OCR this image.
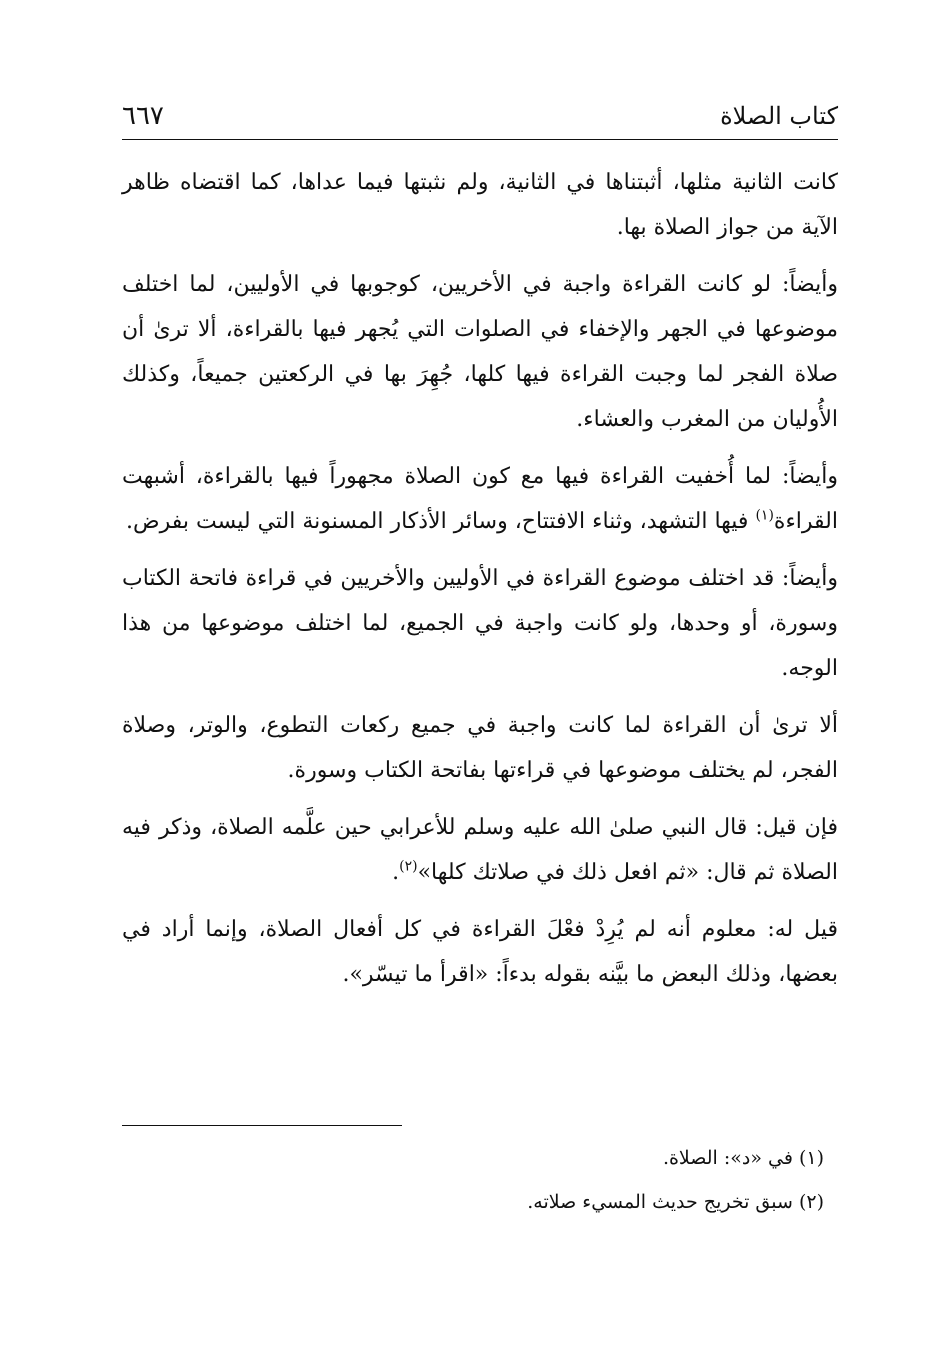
كتاب الصلاة
٦٦٧

كانت الثانية مثلها، أثبتناها في الثانية، ولم نثبتها فيما عداها، كما اقتضاه ظاهر الآية من جواز الصلاة بها.

وأيضاً: لو كانت القراءة واجبة في الأخريين، كوجوبها في الأوليين، لما اختلف موضوعها في الجهر والإخفاء في الصلوات التي يُجهر فيها بالقراءة، ألا ترىٰ أن صلاة الفجر لما وجبت القراءة فيها كلها، جُهِرَ بها في الركعتين جميعاً، وكذلك الأُوليان من المغرب والعشاء.

وأيضاً: لما أُخفيت القراءة فيها مع كون الصلاة مجهوراً فيها بالقراءة، أشبهت القراءة$^{(١)}$ فيها التشهد، وثناء الافتتاح، وسائر الأذكار المسنونة التي ليست بفرض.

وأيضاً: قد اختلف موضوع القراءة في الأوليين والأخريين في قراءة فاتحة الكتاب وسورة، أو وحدها، ولو كانت واجبة في الجميع، لما اختلف موضوعها من هذا الوجه.

ألا ترىٰ أن القراءة لما كانت واجبة في جميع ركعات التطوع، والوتر، وصلاة الفجر، لم يختلف موضوعها في قراءتها بفاتحة الكتاب وسورة.

فإن قيل: قال النبي صلىٰ الله عليه وسلم للأعرابي حين علَّمه الصلاة، وذكر فيه الصلاة ثم قال: «ثم افعل ذلك في صلاتك كلها»$^{(٢)}$.

قيل له: معلوم أنه لم يُرِدْ فعْلَ القراءة في كل أفعال الصلاة، وإنما أراد في بعضها، وذلك البعض ما بيَّنه بقوله بدءاً: «اقرأ ما تيسّر».

(١)في «د»: الصلاة.
(٢)سبق تخريج حديث المسيء صلاته.
